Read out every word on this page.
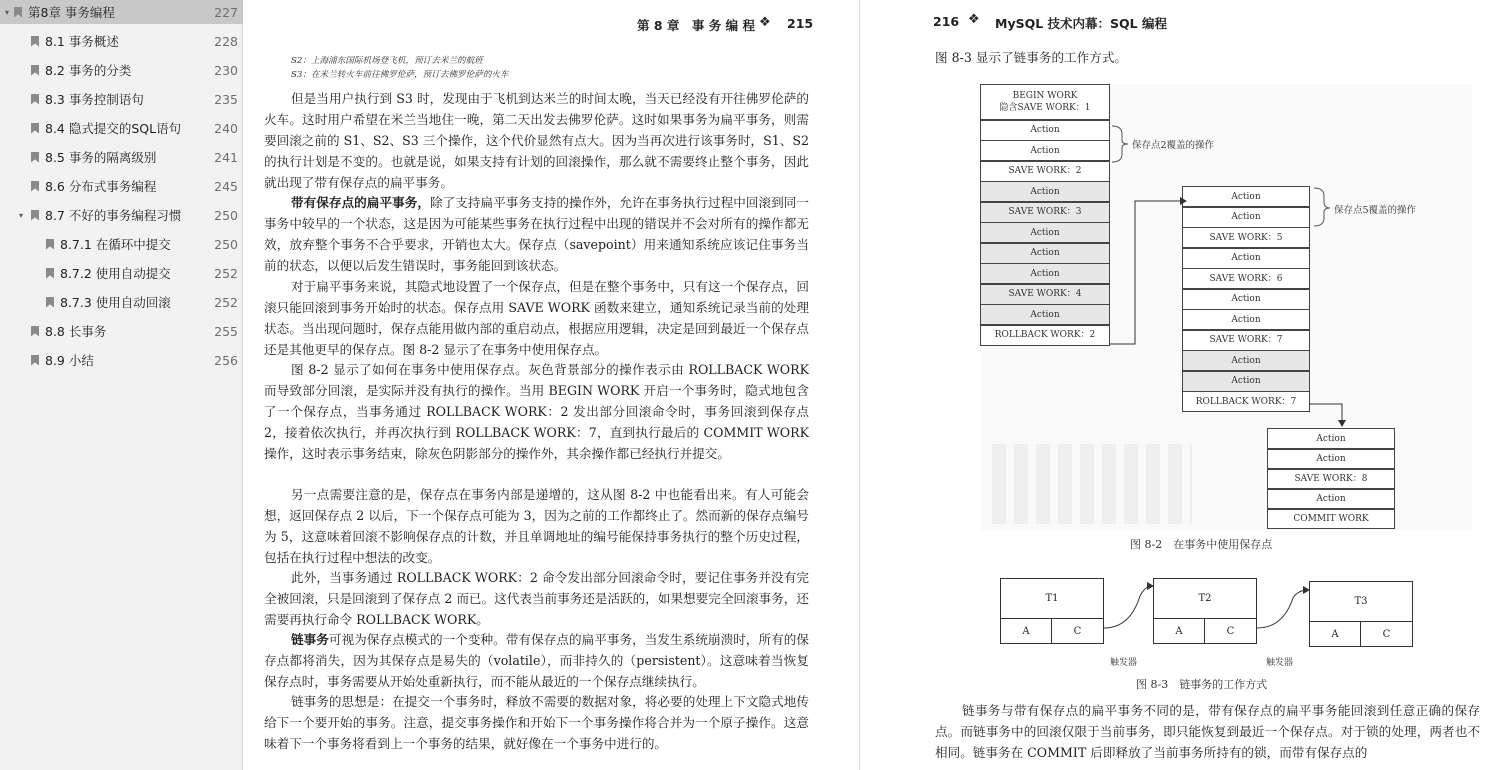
▾ 第8章 事务编程	227
8.1 事务概述	228
8.2 事务的分类	230
8.3 事务控制语句	235
8.4 隐式提交的SQL语句	240
8.5 事务的隔离级别	241
8.6 分布式事务编程	245
▾ 8.7 不好的事务编程习惯	250
8.7.1 在循环中提交	250
8.7.2 使用自动提交	252
8.7.3 使用自动回滚	252
8.8 长事务	255
8.9 小结	256
第 8 章　事 务 编 程 ❖ 215
S2：上海浦东国际机场登飞机，预订去米兰的航班
S3：在米兰转火车前往佛罗伦萨，预订去佛罗伦萨的火车
但是当用户执行到 S3 时，发现由于飞机到达米兰的时间太晚，当天已经没有开往佛罗伦萨的火车。这时用户希望在米兰当地住一晚，第二天出发去佛罗伦萨。这时如果事务为扁平事务，则需要回滚之前的 S1、S2、S3 三个操作，这个代价显然有点大。因为当再次进行该事务时，S1、S2 的执行计划是不变的。也就是说，如果支持有计划的回滚操作，那么就不需要终止整个事务，因此就出现了带有保存点的扁平事务。
带有保存点的扁平事务，除了支持扁平事务支持的操作外，允许在事务执行过程中回滚到同一事务中较早的一个状态，这是因为可能某些事务在执行过程中出现的错误并不会对所有的操作都无效，放弃整个事务不合乎要求，开销也太大。保存点（savepoint）用来通知系统应该记住事务当前的状态，以便以后发生错误时，事务能回到该状态。
对于扁平事务来说，其隐式地设置了一个保存点，但是在整个事务中，只有这一个保存点，回滚只能回滚到事务开始时的状态。保存点用 SAVE WORK 函数来建立，通知系统记录当前的处理状态。当出现问题时，保存点能用做内部的重启动点，根据应用逻辑，决定是回到最近一个保存点还是其他更早的保存点。图 8-2 显示了在事务中使用保存点。
图 8-2 显示了如何在事务中使用保存点。灰色背景部分的操作表示由 ROLLBACK WORK 而导致部分回滚，是实际并没有执行的操作。当用 BEGIN WORK 开启一个事务时，隐式地包含了一个保存点，当事务通过 ROLLBACK WORK：2 发出部分回滚命令时，事务回滚到保存点 2，接着依次执行，并再次执行到 ROLLBACK WORK：7，直到执行最后的 COMMIT WORK 操作，这时表示事务结束，除灰色阴影部分的操作外，其余操作都已经执行并提交。
另一点需要注意的是，保存点在事务内部是递增的，这从图 8-2 中也能看出来。有人可能会想，返回保存点 2 以后，下一个保存点可能为 3，因为之前的工作都终止了。然而新的保存点编号为 5，这意味着回滚不影响保存点的计数，并且单调地址的编号能保持事务执行的整个历史过程，包括在执行过程中想法的改变。
此外，当事务通过 ROLLBACK WORK：2 命令发出部分回滚命令时，要记住事务并没有完全被回滚，只是回滚到了保存点 2 而已。这代表当前事务还是活跃的，如果想要完全回滚事务，还需要再执行命令 ROLLBACK WORK。
链事务可视为保存点模式的一个变种。带有保存点的扁平事务，当发生系统崩溃时，所有的保存点都将消失，因为其保存点是易失的（volatile），而非持久的（persistent）。这意味着当恢复保存点时，事务需要从开始处重新执行，而不能从最近的一个保存点继续执行。
链事务的思想是：在提交一个事务时，释放不需要的数据对象，将必要的处理上下文隐式地传给下一个要开始的事务。注意，提交事务操作和开始下一个事务操作将合并为一个原子操作。这意味着下一个事务将看到上一个事务的结果，就好像在一个事务中进行的。
216 ❖ MySQL 技术内幕：SQL 编程
图 8-3 显示了链事务的工作方式。
BEGIN WORK
隐含SAVE WORK：1
Action
Action
SAVE WORK：2
Action
SAVE WORK：3
Action
Action
Action
SAVE WORK：4
Action
ROLLBACK WORK：2
Action
Action
SAVE WORK：5
Action
SAVE WORK：6
Action
Action
SAVE WORK：7
Action
Action
ROLLBACK WORK：7
Action
Action
SAVE WORK：8
Action
COMMIT WORK
保存点2覆盖的操作
保存点5覆盖的操作
图 8-2　在事务中使用保存点
T1
A	C
T2
A	C
T3
A	C
触发器	触发器
图 8-3　链事务的工作方式
链事务与带有保存点的扁平事务不同的是，带有保存点的扁平事务能回滚到任意正确的保存点。而链事务中的回滚仅限于当前事务，即只能恢复到最近一个保存点。对于锁的处理，两者也不相同。链事务在 COMMIT 后即释放了当前事务所持有的锁，而带有保存点的
